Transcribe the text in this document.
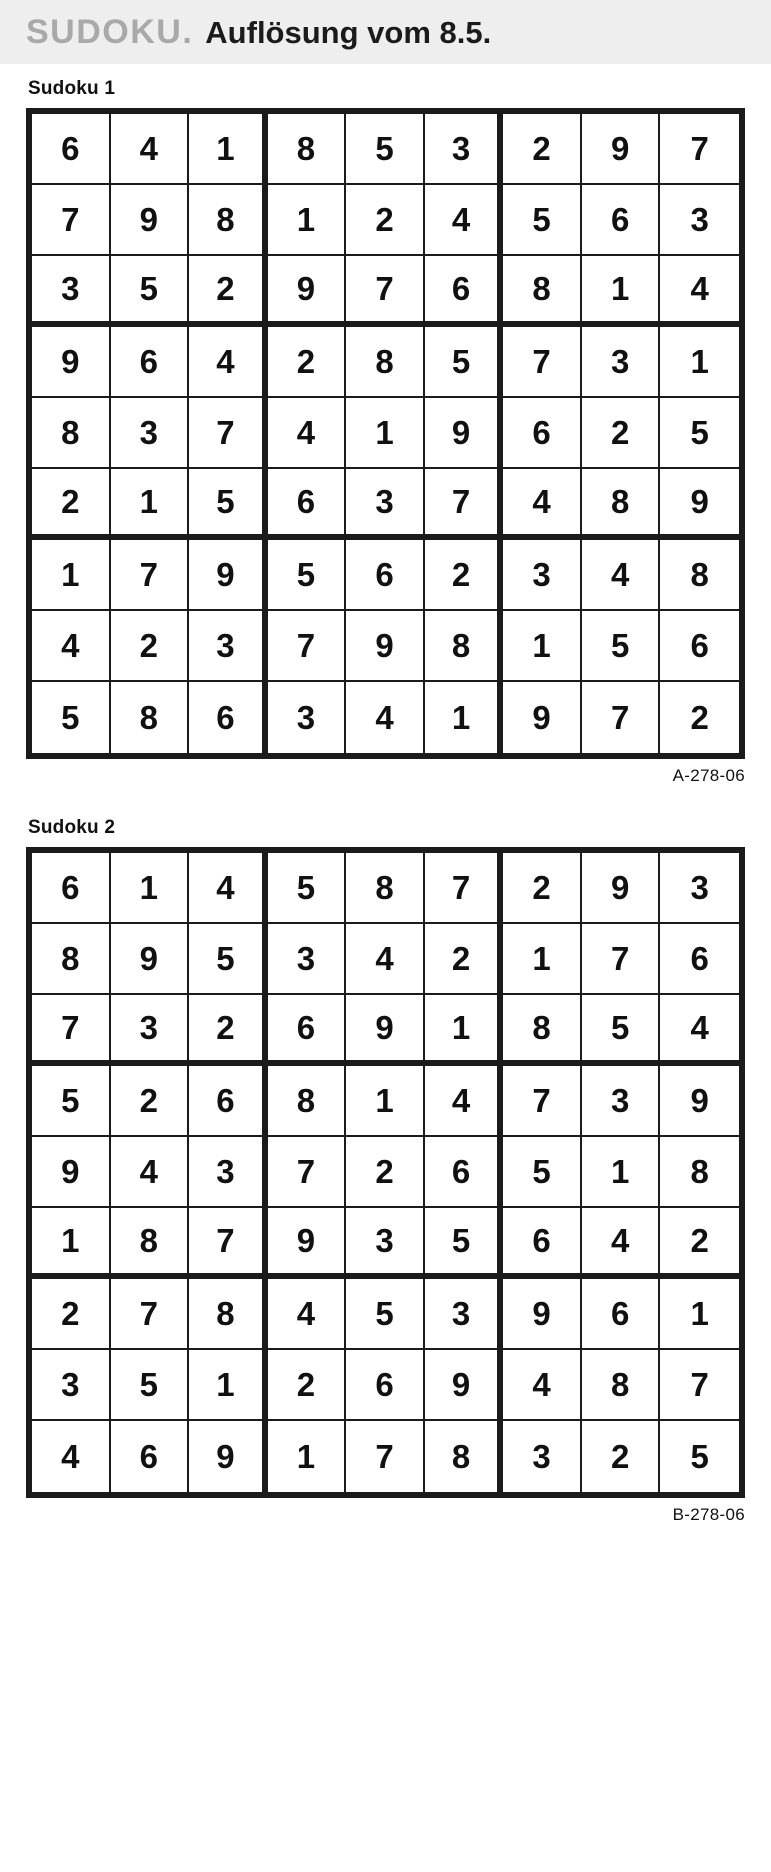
SUDOKU. Auflösung vom 8.5.
Sudoku 1
6	4	1	8	5	3	2	9	7
7	9	8	1	2	4	5	6	3
3	5	2	9	7	6	8	1	4
9	6	4	2	8	5	7	3	1
8	3	7	4	1	9	6	2	5
2	1	5	6	3	7	4	8	9
1	7	9	5	6	2	3	4	8
4	2	3	7	9	8	1	5	6
5	8	6	3	4	1	9	7	2
A-278-06
Sudoku 2
6	1	4	5	8	7	2	9	3
8	9	5	3	4	2	1	7	6
7	3	2	6	9	1	8	5	4
5	2	6	8	1	4	7	3	9
9	4	3	7	2	6	5	1	8
1	8	7	9	3	5	6	4	2
2	7	8	4	5	3	9	6	1
3	5	1	2	6	9	4	8	7
4	6	9	1	7	8	3	2	5
B-278-06
